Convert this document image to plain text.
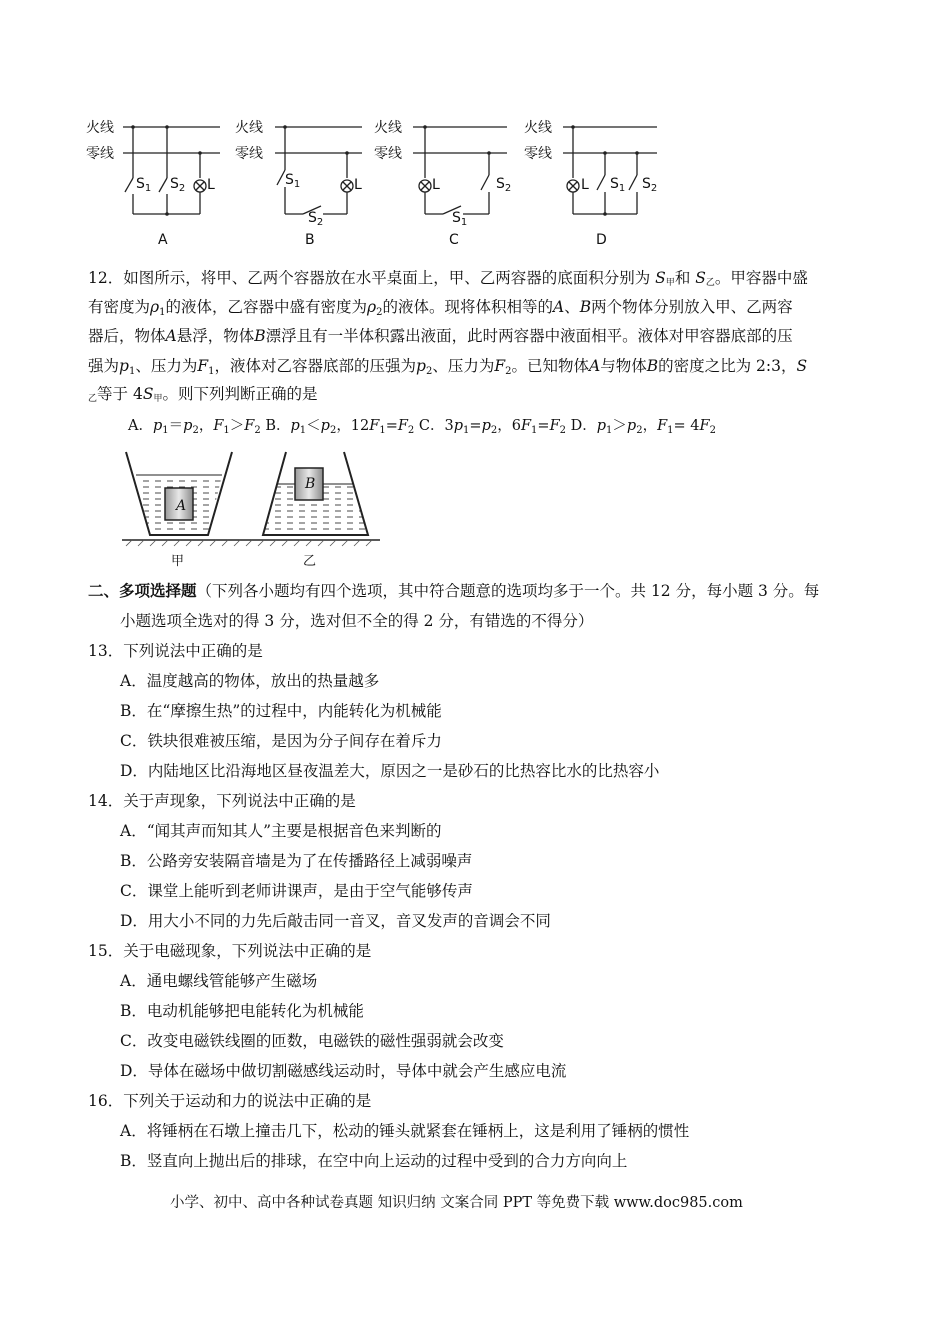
火线
零线
火线
零线
火线
零线
火线
零线
$S_1$ $S_2$ L	$S_1$
$S_2$
L	L	$S_2$
$S_1$
L $S_1$ $S_2$
A	B	C	D
12．如图所示，将甲、乙两个容器放在水平桌面上，甲、乙两容器的底面积分别为 S甲和 S乙。甲容器中盛
有密度为$\rho_1$的液体，乙容器中盛有密度为$\rho_2$的液体。现将体积相等的A、B两个物体分别放入甲、乙两容
器后，物体A悬浮，物体B漂浮且有一半体积露出液面，此时两容器中液面相平。液体对甲容器底部的压
强为$p_1$、压力为$F_1$，液体对乙容器底部的压强为$p_2$、压力为$F_2$。已知物体A与物体B的密度之比为 2:3，S
乙等于 4S甲。则下列判断正确的是
A．$p_1=p_2$，$F_1>F_2$ B．$p_1<p_2$，$12F_1=F_2$ C．$3p_1=p_2$，$6F_1=F_2$ D．$p_1>p_2$，$F_1= 4F_2$
A
B
甲	乙
二、多项选择题（下列各小题均有四个选项，其中符合题意的选项均多于一个。共 12 分，每小题 3 分。每
小题选项全选对的得 3 分，选对但不全的得 2 分，有错选的不得分）
13．下列说法中正确的是
A．温度越高的物体，放出的热量越多
B．在“摩擦生热”的过程中，内能转化为机械能
C．铁块很难被压缩，是因为分子间存在着斥力
D．内陆地区比沿海地区昼夜温差大，原因之一是砂石的比热容比水的比热容小
14．关于声现象，下列说法中正确的是
A．“闻其声而知其人”主要是根据音色来判断的
B．公路旁安装隔音墙是为了在传播路径上减弱噪声
C．课堂上能听到老师讲课声，是由于空气能够传声
D．用大小不同的力先后敲击同一音叉，音叉发声的音调会不同
15．关于电磁现象，下列说法中正确的是
A．通电螺线管能够产生磁场
B．电动机能够把电能转化为机械能
C．改变电磁铁线圈的匝数，电磁铁的磁性强弱就会改变
D．导体在磁场中做切割磁感线运动时，导体中就会产生感应电流
16．下列关于运动和力的说法中正确的是
A．将锤柄在石墩上撞击几下，松动的锤头就紧套在锤柄上，这是利用了锤柄的惯性
B．竖直向上抛出后的排球，在空中向上运动的过程中受到的合力方向向上
小学、初中、高中各种试卷真题 知识归纳 文案合同 PPT 等免费下载 www.doc985.com
